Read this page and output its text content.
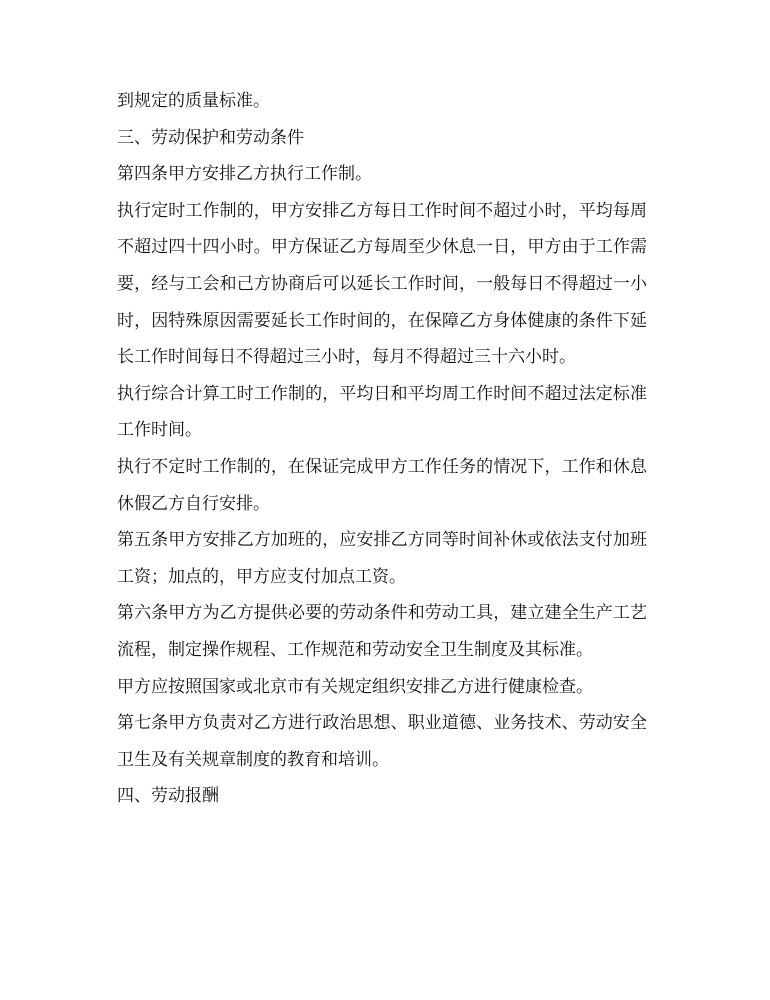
到规定的质量标准。

三、劳动保护和劳动条件

第四条甲方安排乙方执行工作制。

执行定时工作制的，甲方安排乙方每日工作时间不超过小时，平均每周不超过四十四小时。甲方保证乙方每周至少休息一日，甲方由于工作需要，经与工会和己方协商后可以延长工作时间，一般每日不得超过一小时，因特殊原因需要延长工作时间的，在保障乙方身体健康的条件下延长工作时间每日不得超过三小时，每月不得超过三十六小时。

执行综合计算工时工作制的，平均日和平均周工作时间不超过法定标准工作时间。

执行不定时工作制的，在保证完成甲方工作任务的情况下，工作和休息休假乙方自行安排。

第五条甲方安排乙方加班的，应安排乙方同等时间补休或依法支付加班工资；加点的，甲方应支付加点工资。

第六条甲方为乙方提供必要的劳动条件和劳动工具，建立建全生产工艺流程，制定操作规程、工作规范和劳动安全卫生制度及其标准。

甲方应按照国家或北京市有关规定组织安排乙方进行健康检查。

第七条甲方负责对乙方进行政治思想、职业道德、业务技术、劳动安全卫生及有关规章制度的教育和培训。

四、劳动报酬
